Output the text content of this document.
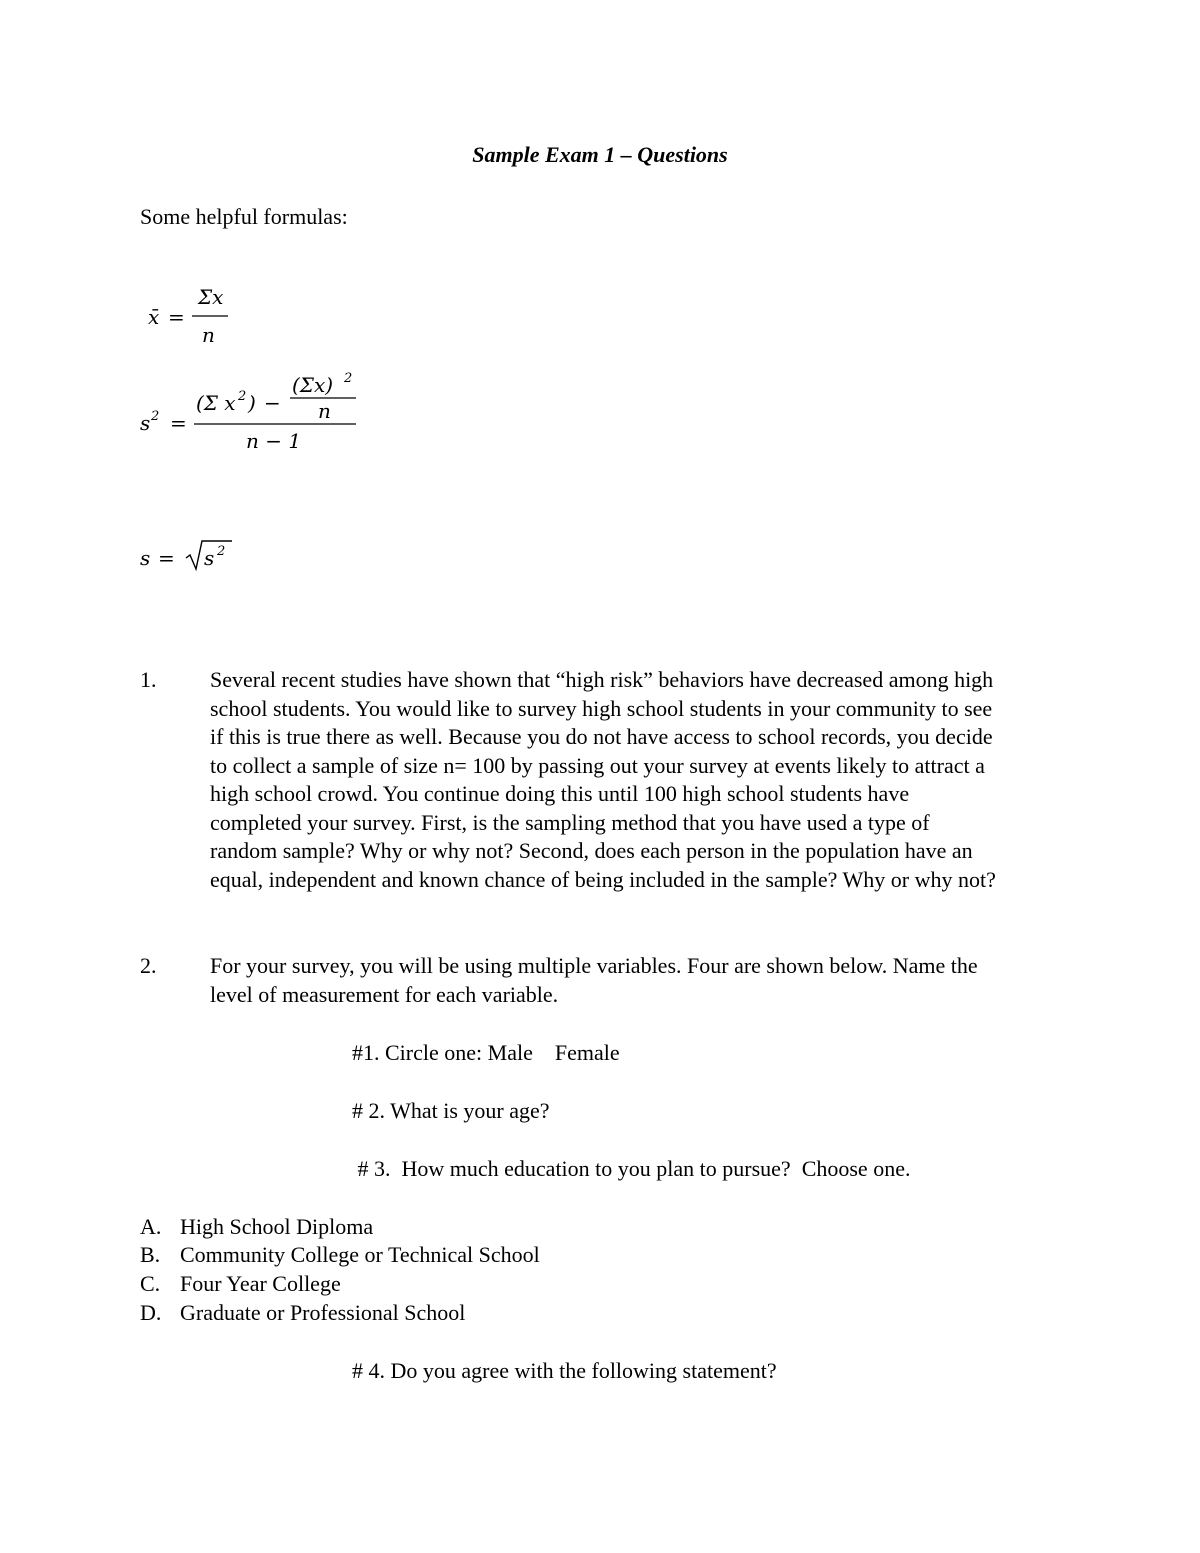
Sample Exam 1 – Questions

Some helpful formulas:

x̄ =
Σx
n
s 2 =
(Σ x 2 ) −
(Σx) 2
n
n − 1
s = s 2
1. Several recent studies have shown that “high risk” behaviors have decreased among high
school students. You would like to survey high school students in your community to see
if this is true there as well. Because you do not have access to school records, you decide
to collect a sample of size n= 100 by passing out your survey at events likely to attract a
high school crowd. You continue doing this until 100 high school students have
completed your survey. First, is the sampling method that you have used a type of
random sample? Why or why not? Second, does each person in the population have an
equal, independent and known chance of being included in the sample? Why or why not?
2. For your survey, you will be using multiple variables. Four are shown below. Name the
level of measurement for each variable.

#1. Circle one: Male    Female

# 2. What is your age?

# 3.  How much education to you plan to pursue?  Choose one.

A. High School Diploma
B. Community College or Technical School
C. Four Year College
D. Graduate or Professional School

# 4. Do you agree with the following statement?
